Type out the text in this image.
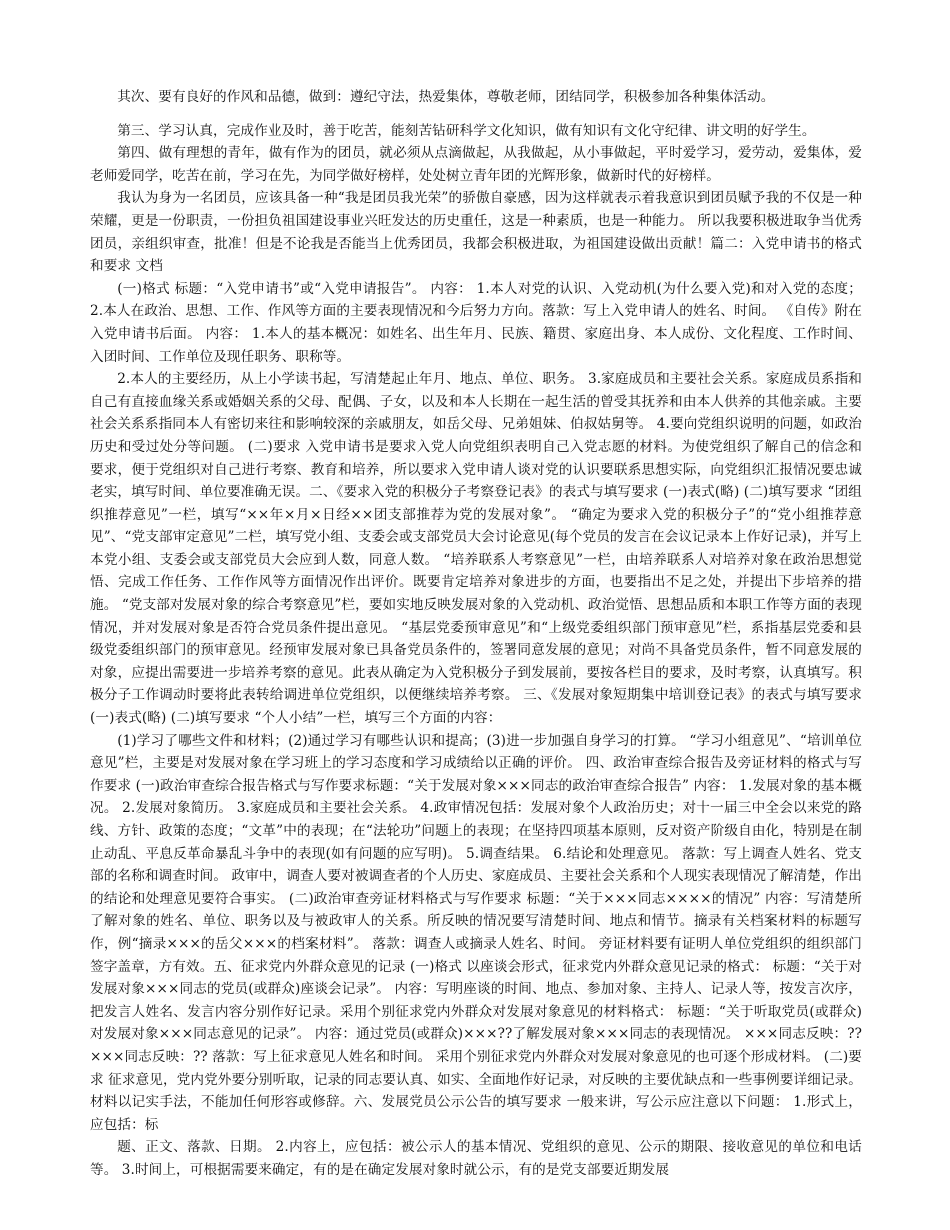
其次、要有良好的作风和品德，做到：遵纪守法，热爱集体，尊敬老师，团结同学，积极参加各种集体活动。

第三、学习认真，完成作业及时，善于吃苦，能刻苦钻研科学文化知识，做有知识有文化守纪律、讲文明的好学生。

第四、做有理想的青年，做有作为的团员，就必须从点滴做起，从我做起，从小事做起，平时爱学习，爱劳动，爱集体，爱老师爱同学，吃苦在前，学习在先，为同学做好榜样，处处树立青年团的光辉形象，做新时代的好榜样。

我认为身为一名团员，应该具备一种“我是团员我光荣”的骄傲自豪感，因为这样就表示着我意识到团员赋予我的不仅是一种荣耀，更是一份职责，一份担负祖国建设事业兴旺发达的历史重任，这是一种素质，也是一种能力。 所以我要积极进取争当优秀团员，亲组织审查，批准！但是不论我是否能当上优秀团员，我都会积极进取，为祖国建设做出贡献！篇二：入党申请书的格式和要求 文档

(一)格式 标题：“入党申请书”或“入党申请报告”。 内容： 1.本人对党的认识、入党动机(为什么要入党)和对入党的态度； 2.本人在政治、思想、工作、作风等方面的主要表现情况和今后努力方向。落款：写上入党申请人的姓名、时间。 《自传》附在入党申请书后面。 内容： 1.本人的基本概况：如姓名、出生年月、民族、籍贯、家庭出身、本人成份、文化程度、工作时间、入团时间、工作单位及现任职务、职称等。

2.本人的主要经历，从上小学读书起，写清楚起止年月、地点、单位、职务。 3.家庭成员和主要社会关系。家庭成员系指和自己有直接血缘关系或婚姻关系的父母、配偶、子女，以及和本人长期在一起生活的曾受其抚养和由本人供养的其他亲戚。主要社会关系系指同本人有密切来往和影响较深的亲戚朋友，如岳父母、兄弟姐妹、伯叔姑舅等。 4.要向党组织说明的问题，如政治历史和受过处分等问题。 (二)要求 入党申请书是要求入党人向党组织表明自己入党志愿的材料。为使党组织了解自己的信念和要求，便于党组织对自己进行考察、教育和培养，所以要求入党申请人谈对党的认识要联系思想实际，向党组织汇报情况要忠诚老实，填写时间、单位要准确无误。二、《要求入党的积极分子考察登记表》的表式与填写要求 (一)表式(略) (二)填写要求 “团组织推荐意见”一栏，填写“××年×月×日经××团支部推荐为党的发展对象”。 “确定为要求入党的积极分子”的“党小组推荐意见”、“党支部审定意见”二栏，填写党小组、支委会或支部党员大会讨论意见(每个党员的发言在会议记录本上作好记录)，并写上本党小组、支委会或支部党员大会应到人数，同意人数。 “培养联系人考察意见”一栏，由培养联系人对培养对象在政治思想觉悟、完成工作任务、工作作风等方面情况作出评价。既要肯定培养对象进步的方面，也要指出不足之处，并提出下步培养的措施。 “党支部对发展对象的综合考察意见”栏，要如实地反映发展对象的入党动机、政治觉悟、思想品质和本职工作等方面的表现情况，并对发展对象是否符合党员条件提出意见。 “基层党委预审意见”和“上级党委组织部门预审意见”栏，系指基层党委和县级党委组织部门的预审意见。经预审发展对象已具备党员条件的，签署同意发展的意见；对尚不具备党员条件，暂不同意发展的对象，应提出需要进一步培养考察的意见。此表从确定为入党积极分子到发展前，要按各栏目的要求，及时考察，认真填写。积极分子工作调动时要将此表转给调进单位党组织，以便继续培养考察。 三、《发展对象短期集中培训登记表》的表式与填写要求 (一)表式(略) (二)填写要求 “个人小结”一栏，填写三个方面的内容：

(1)学习了哪些文件和材料；(2)通过学习有哪些认识和提高；(3)进一步加强自身学习的打算。 “学习小组意见”、“培训单位意见”栏，主要是对发展对象在学习班上的学习态度和学习成绩给以正确的评价。 四、政治审查综合报告及旁证材料的格式与写作要求 (一)政治审查综合报告格式与写作要求标题：“关于发展对象×××同志的政治审查综合报告” 内容： 1.发展对象的基本概况。 2.发展对象简历。 3.家庭成员和主要社会关系。 4.政审情况包括：发展对象个人政治历史；对十一届三中全会以来党的路线、方针、政策的态度；“文革”中的表现；在“法轮功”问题上的表现；在坚持四项基本原则，反对资产阶级自由化，特别是在制止动乱、平息反革命暴乱斗争中的表现(如有问题的应写明)。 5.调查结果。 6.结论和处理意见。 落款：写上调查人姓名、党支部的名称和调查时间。 政审中，调查人要对被调查者的个人历史、家庭成员、主要社会关系和个人现实表现情况了解清楚，作出的结论和处理意见要符合事实。 (二)政治审查旁证材料格式与写作要求 标题：“关于×××同志××××的情况” 内容：写清楚所了解对象的姓名、单位、职务以及与被政审人的关系。所反映的情况要写清楚时间、地点和情节。摘录有关档案材料的标题写作，例“摘录×××的岳父×××的档案材料”。 落款：调查人或摘录人姓名、时间。 旁证材料要有证明人单位党组织的组织部门签字盖章，方有效。五、征求党内外群众意见的记录 (一)格式 以座谈会形式，征求党内外群众意见记录的格式： 标题：“关于对发展对象×××同志的党员(或群众)座谈会记录”。 内容：写明座谈的时间、地点、参加对象、主持人、记录人等，按发言次序，把发言人姓名、发言内容分别作好记录。采用个别征求党内外群众对发展对象意见的材料格式： 标题：“关于听取党员(或群众)对发展对象×××同志意见的记录”。 内容：通过党员(或群众)×××??了解发展对象×××同志的表现情况。 ×××同志反映：?? ×××同志反映：?? 落款：写上征求意见人姓名和时间。 采用个别征求党内外群众对发展对象意见的也可逐个形成材料。 (二)要求 征求意见，党内党外要分别听取，记录的同志要认真、如实、全面地作好记录，对反映的主要优缺点和一些事例要详细记录。材料以记实手法，不能加任何形容或修辞。六、发展党员公示公告的填写要求 一般来讲，写公示应注意以下问题： 1.形式上，应包括：标

题、正文、落款、日期。 2.内容上，应包括：被公示人的基本情况、党组织的意见、公示的期限、接收意见的单位和电话等。 3.时间上，可根据需要来确定，有的是在确定发展对象时就公示，有的是党支部要近期发展
